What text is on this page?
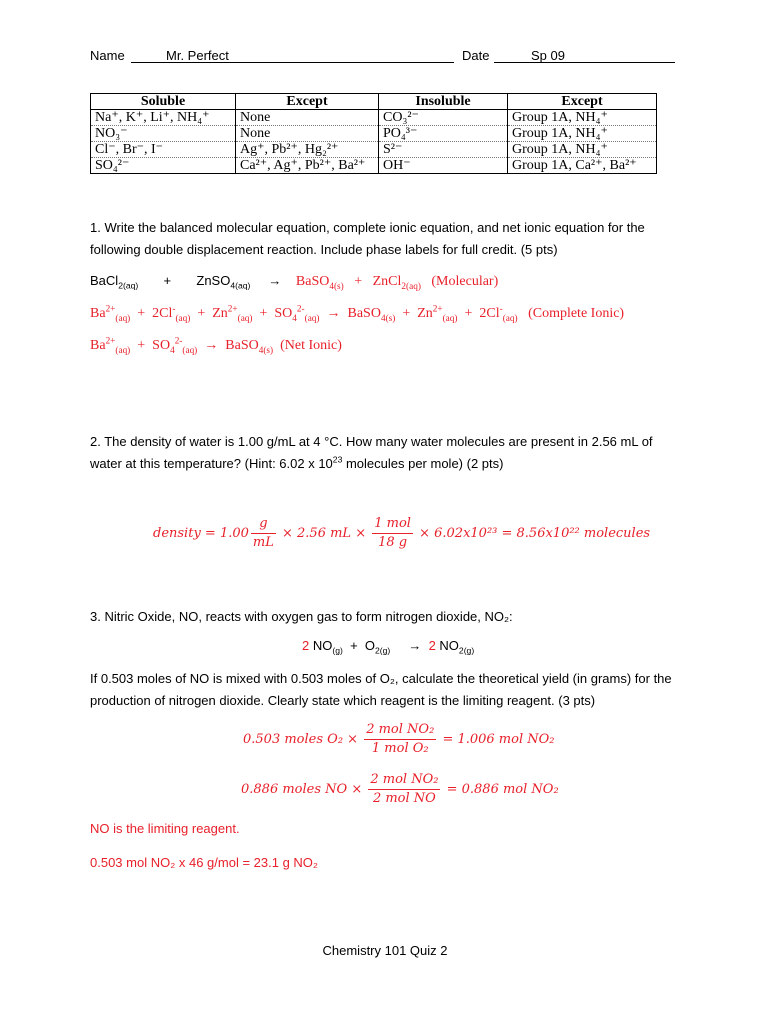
Name	Mr. Perfect	Date	Sp 09
Soluble	Except	Insoluble	Except
Na⁺, K⁺, Li⁺, NH₄⁺	None	CO₃²⁻	Group 1A, NH₄⁺
NO₃⁻	None	PO₄³⁻	Group 1A, NH₄⁺
Cl⁻, Br⁻, I⁻	Ag⁺, Pb²⁺, Hg₂²⁺	S²⁻	Group 1A, NH₄⁺
SO₄²⁻	Ca²⁺, Ag⁺, Pb²⁺, Ba²⁺	OH⁻	Group 1A, Ca²⁺, Ba²⁺
1. Write the balanced molecular equation, complete ionic equation, and net ionic equation for the following double displacement reaction. Include phase labels for full credit. (5 pts)
BaCl$_{2(aq)}$       +       ZnSO$_{4(aq)}$     →    BaSO$_{4(s)}$   +   ZnCl$_{2(aq)}$ (Molecular)
$Ba^{2+}_{(aq)} + 2Cl^-_{(aq)} + Zn^{2+}_{(aq)} + SO_4^{2-}_{(aq)}$  →  BaSO$_{4(s)}$  +  $Zn^{2+}_{(aq)} + 2Cl^-_{(aq)}$ (Complete Ionic)
$Ba^{2+}_{(aq)} + SO_4^{2-}_{(aq)}$  →  BaSO$_{4(s)}$ (Net Ionic)
2. The density of water is 1.00 g/mL at 4 °C. How many water molecules are present in 2.56 mL of water at this temperature? (Hint: 6.02 x $10^{23}$ molecules per mole) (2 pts)
density = $1.00 \frac{g}{mL} \times 2.56$ mL × $\frac{\text{1 mol}}{18 g} \times 6.02x10^{23} = 8.56x10^{22}$ molecules
3. Nitric Oxide, NO, reacts with oxygen gas to form nitrogen dioxide, NO₂:
2 $NO_{(g)} + O_{2(g)}$     →  2 $NO_{2(g)}$
If 0.503 moles of NO is mixed with 0.503 moles of O₂, calculate the theoretical yield (in grams) for the production of nitrogen dioxide. Clearly state which reagent is the limiting reagent. (3 pts)
0.503 moles $O_2 \times \frac{\text{2 mol NO₂}}{\text{1 mol O₂}} = 1.006$ mol NO₂
0.886 moles NO × $\frac{\text{2 mol NO₂}}{\text{2 mol NO}} = 0.886$ mol NO₂
NO is the limiting reagent.
0.503 mol NO₂ x 46 g/mol = 23.1 g NO₂
Chemistry 101 Quiz 2
